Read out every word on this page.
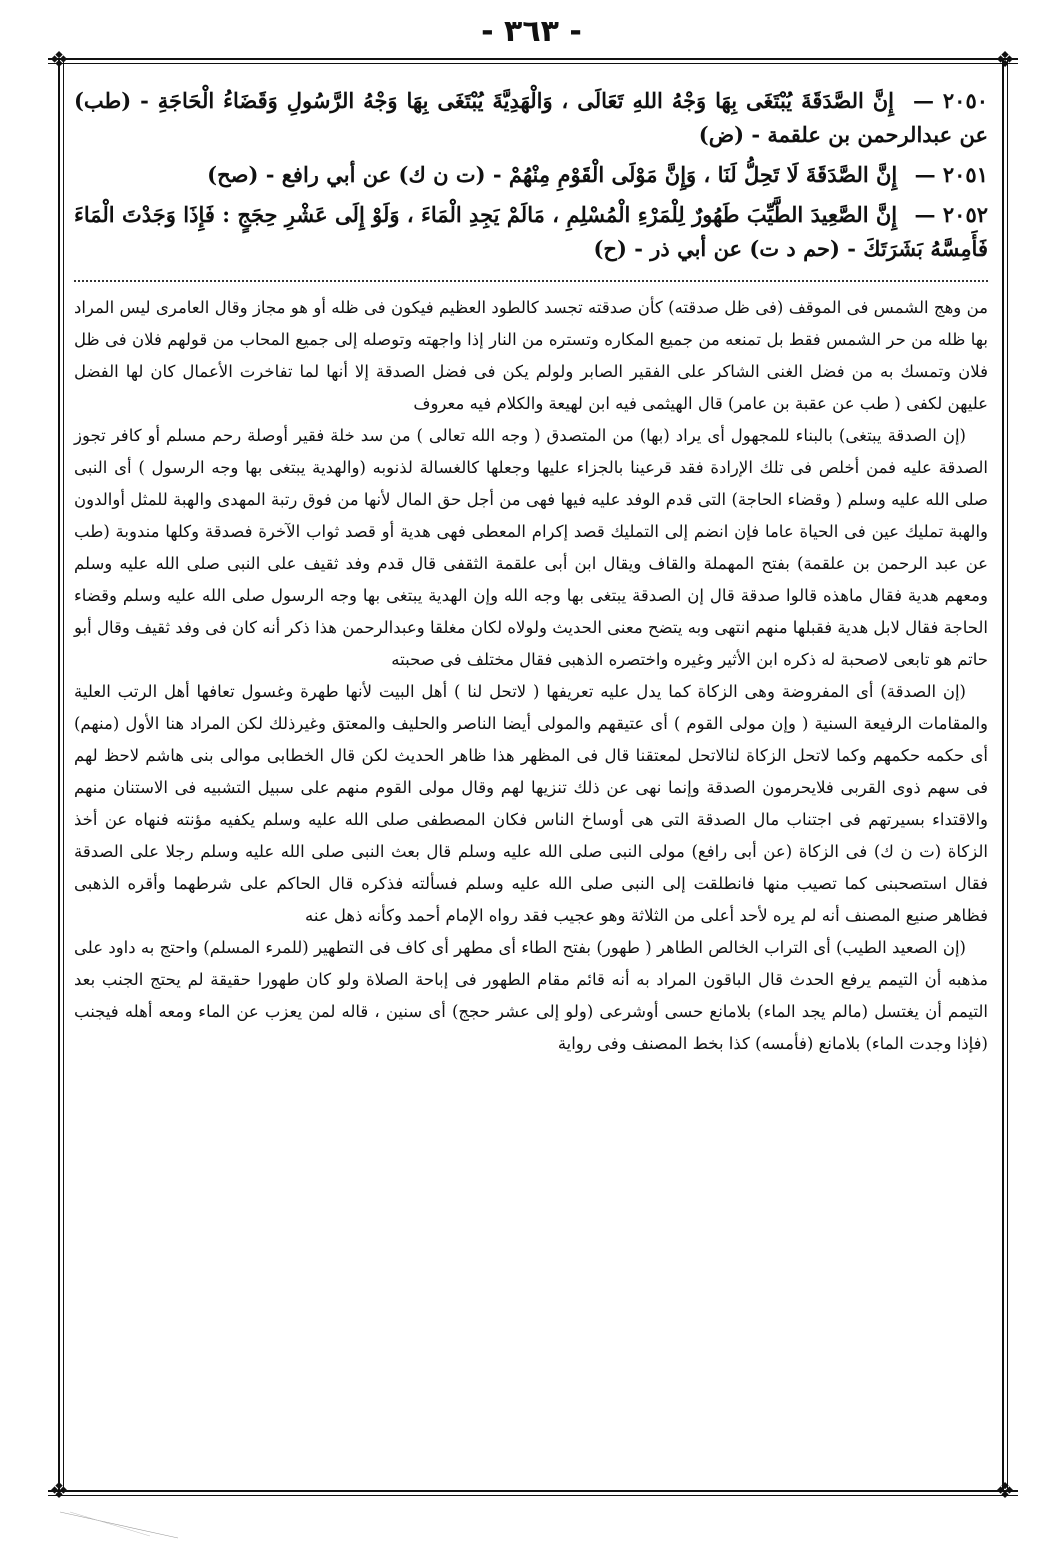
- ٣٦٣ -
❖	❖
❖	❖

٢٠٥٠ — إِنَّ الصَّدَقَةَ يُبْتَغَى بِهَا وَجْهُ اللهِ تَعَالَى ، وَالْهَدِيَّةَ يُبْتَغَى بِهَا وَجْهُ الرَّسُولِ وَقَضَاءُ الْحَاجَةِ - (طب) عن عبدالرحمن بن علقمة - (ض)

٢٠٥١ — إِنَّ الصَّدَقَةَ لَا تَحِلُّ لَنَا ، وَإِنَّ مَوْلَى الْقَوْمِ مِنْهُمْ - (ت ن ك) عن أبي رافع - (صح)

٢٠٥٢ — إِنَّ الصَّعِيدَ الطَّيِّبَ طَهُورٌ لِلْمَرْءِ الْمُسْلِمِ ، مَالَمْ يَجِدِ الْمَاءَ ، وَلَوْ إِلَى عَشْرِ حِجَجٍ : فَإِذَا وَجَدْتَ الْمَاءَ فَأَمِسَّهُ بَشَرَتَكَ - (حم د ت) عن أبي ذر - (ح)

من وهج الشمس فى الموقف (فى ظل صدقته) كأن صدقته تجسد كالطود العظيم فيكون فى ظله أو هو مجاز وقال العامرى ليس المراد بها ظله من حر الشمس فقط بل تمنعه من جميع المكاره وتستره من النار إذا واجهته وتوصله إلى جميع المحاب من قولهم فلان فى ظل فلان وتمسك به من فضل الغنى الشاكر على الفقير الصابر ولولم يكن فى فضل الصدقة إلا أنها لما تفاخرت الأعمال كان لها الفضل عليهن لكفى ( طب عن عقبة بن عامر) قال الهيثمى فيه ابن لهيعة والكلام فيه معروف

(إن الصدقة يبتغى) بالبناء للمجهول أى يراد (بها) من المتصدق ( وجه الله تعالى ) من سد خلة فقير أوصلة رحم مسلم أو كافر تجوز الصدقة عليه فمن أخلص فى تلك الإرادة فقد قرعينا بالجزاء عليها وجعلها كالغسالة لذنوبه (والهدية يبتغى بها وجه الرسول ) أى النبى صلى الله عليه وسلم ( وقضاء الحاجة) التى قدم الوفد عليه فيها فهى من أجل حق المال لأنها من فوق رتبة المهدى والهبة للمثل أوالدون والهبة تمليك عين فى الحياة عاما فإن انضم إلى التمليك قصد إكرام المعطى فهى هدية أو قصد ثواب الآخرة فصدقة وكلها مندوبة (طب عن عبد الرحمن بن علقمة) بفتح المهملة والقاف ويقال ابن أبى علقمة الثقفى قال قدم وفد ثقيف على النبى صلى الله عليه وسلم ومعهم هدية فقال ماهذه قالوا صدقة قال إن الصدقة يبتغى بها وجه الله وإن الهدية يبتغى بها وجه الرسول صلى الله عليه وسلم وقضاء الحاجة فقال لابل هدية فقبلها منهم انتهى وبه يتضح معنى الحديث ولولاه لكان مغلقا وعبدالرحمن هذا ذكر أنه كان فى وفد ثقيف وقال أبو حاتم هو تابعى لاصحبة له ذكره ابن الأثير وغيره واختصره الذهبى فقال مختلف فى صحبته

(إن الصدقة) أى المفروضة وهى الزكاة كما يدل عليه تعريفها ( لاتحل لنا ) أهل البيت لأنها طهرة وغسول تعافها أهل الرتب العلية والمقامات الرفيعة السنية ( وإن مولى القوم ) أى عتيقهم والمولى أيضا الناصر والحليف والمعتق وغيرذلك لكن المراد هنا الأول (منهم) أى حكمه حكمهم وكما لاتحل الزكاة لنالاتحل لمعتقنا قال فى المظهر هذا ظاهر الحديث لكن قال الخطابى موالى بنى هاشم لاحظ لهم فى سهم ذوى القربى فلايحرمون الصدقة وإنما نهى عن ذلك تنزيها لهم وقال مولى القوم منهم على سبيل التشبيه فى الاستنان منهم والاقتداء بسيرتهم فى اجتناب مال الصدقة التى هى أوساخ الناس فكان المصطفى صلى الله عليه وسلم يكفيه مؤنته فنهاه عن أخذ الزكاة (ت ن ك) فى الزكاة (عن أبى رافع) مولى النبى صلى الله عليه وسلم قال بعث النبى صلى الله عليه وسلم رجلا على الصدقة فقال استصحبنى كما تصيب منها فانطلقت إلى النبى صلى الله عليه وسلم فسألته فذكره قال الحاكم على شرطهما وأقره الذهبى فظاهر صنيع المصنف أنه لم يره لأحد أعلى من الثلاثة وهو عجيب فقد رواه الإمام أحمد وكأنه ذهل عنه

(إن الصعيد الطيب) أى التراب الخالص الطاهر ( طهور) بفتح الطاء أى مطهر أى كاف فى التطهير (للمرء المسلم) واحتج به داود على مذهبه أن التيمم يرفع الحدث قال الباقون المراد به أنه قائم مقام الطهور فى إباحة الصلاة ولو كان طهورا حقيقة لم يحتج الجنب بعد التيمم أن يغتسل (مالم يجد الماء) بلامانع حسى أوشرعى (ولو إلى عشر حجج) أى سنين ، قاله لمن يعزب عن الماء ومعه أهله فيجنب (فإذا وجدت الماء) بلامانع (فأمسه) كذا بخط المصنف وفى رواية
